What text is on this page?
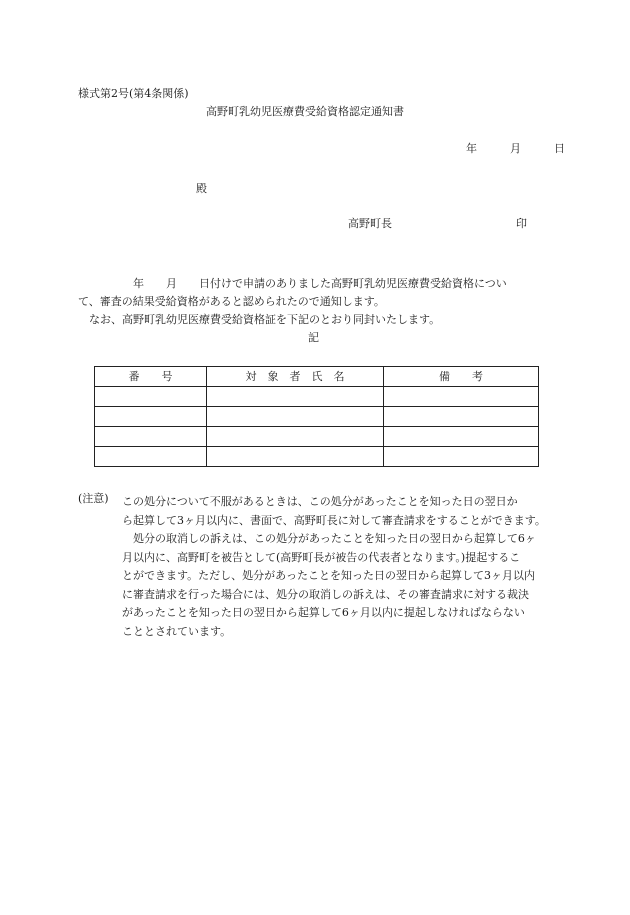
様式第2号(第4条関係)
高野町乳幼児医療費受給資格認定通知書
年	月	日
殿
高野町長	印

　　　　　年　　月　　日付けで申請のありました高野町乳幼児医療費受給資格につい

て、審査の結果受給資格があると認められたので通知します。

　なお、高野町乳幼児医療費受給資格証を下記のとおり同封いたします。

記
番　　号	対　象　者　氏　名	備　　考

(注意) この処分について不服があるときは、この処分があったことを知った日の翌日か

ら起算して3ヶ月以内に、書面で、高野町長に対して審査請求をすることができます。

　処分の取消しの訴えは、この処分があったことを知った日の翌日から起算して6ヶ

月以内に、高野町を被告として(高野町長が被告の代表者となります。)提起するこ

とができます。ただし、処分があったことを知った日の翌日から起算して3ヶ月以内

に審査請求を行った場合には、処分の取消しの訴えは、その審査請求に対する裁決

があったことを知った日の翌日から起算して6ヶ月以内に提起しなければならない

こととされています。
